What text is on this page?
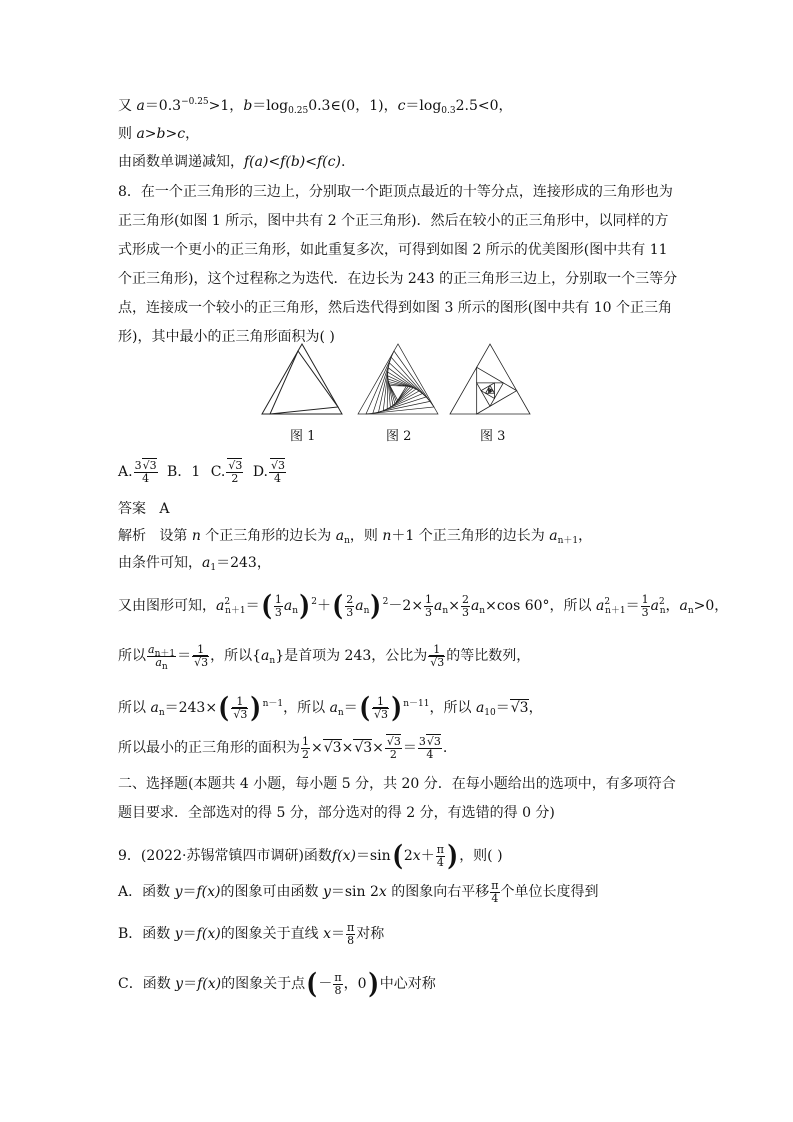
又 $a=0.3^{-0.25}>1$，$b=\log_{0.25}0.3\in(0$，1)，$c=\log_{0.3}2.5<0$，
则 a>b>c，
由函数单调递减知，f(a)<f(b)<f(c).
8．在一个正三角形的三边上，分别取一个距顶点最近的十等分点，连接形成的三角形也为正三角形(如图 1 所示，图中共有 2 个正三角形)．然后在较小的正三角形中，以同样的方式形成一个更小的正三角形，如此重复多次，可得到如图 2 所示的优美图形(图中共有 11 个正三角形)，这个过程称之为迭代．在边长为 243 的正三角形三边上，分别取一个三等分点，连接成一个较小的正三角形，然后迭代得到如图 3 所示的图形(图中共有 10 个正三角形)，其中最小的正三角形面积为( )
图 1	图 2	图 3
A. $\frac{3√ 3}{4}$ B．1 C.
√ $\frac{3}{2} D$.
√ $\frac{3}{4}$
答案 A
解析 设第 n 个正三角形的边长为 $a_n$，则 n＋1 个正三角形的边长为 $a_{n+1}$，
由条件可知，$a_1=243$，
又由图形可知，$a^2_{n+1}=( \frac{1}{3} a_n)^2+( \frac{2}{3} a_n)^2-2\times \frac{1}{3} a_n\times \frac{2}{3} a_n\times\cos$ 60°，所以 $a^2_{n+1}= \frac{1}{3} a^2_n$，$a_n>0$，
所以 $\frac{a_{n+1}}{a_n} = 1$
√ 3 ，所以$\{a_n\}$是首项为 243，公比为 1
√ 3 的等比数列，
所以 $a_n=243\times$( 1
√ 3 )$^{n-1}$，所以 $a_n=$( 1
√ 3 )$^{n-11}$，所以 $a_{10}=√$ 3，
所以最小的正三角形的面积为 $\frac{1}{2}$ ×√ 3×√ 3×
√ $\frac{3}{2} = \frac{3√ 3}{4}$ .
二、选择题(本题共 4 小题，每小题 5 分，共 20 分．在每小题给出的选项中，有多项符合题目要求．全部选对的得 5 分，部分选对的得 2 分，有选错的得 0 分)
9．(2022·苏锡常镇四市调研)函数$f(x)=\sin(2x+ \frac{\pi}{4}$ )，则( )
A．函数 y＝f(x)的图象可由函数 y＝sin 2x 的图象向右平移 $\frac{\pi}{4}$ 个单位长度得到
B．函数 y＝f(x)的图象关于直线 $x= \frac{\pi}{8}$ 对称
C．函数 y＝f(x)的图象关于点(－ $\frac{\pi}{8}$ ，0)中心对称
